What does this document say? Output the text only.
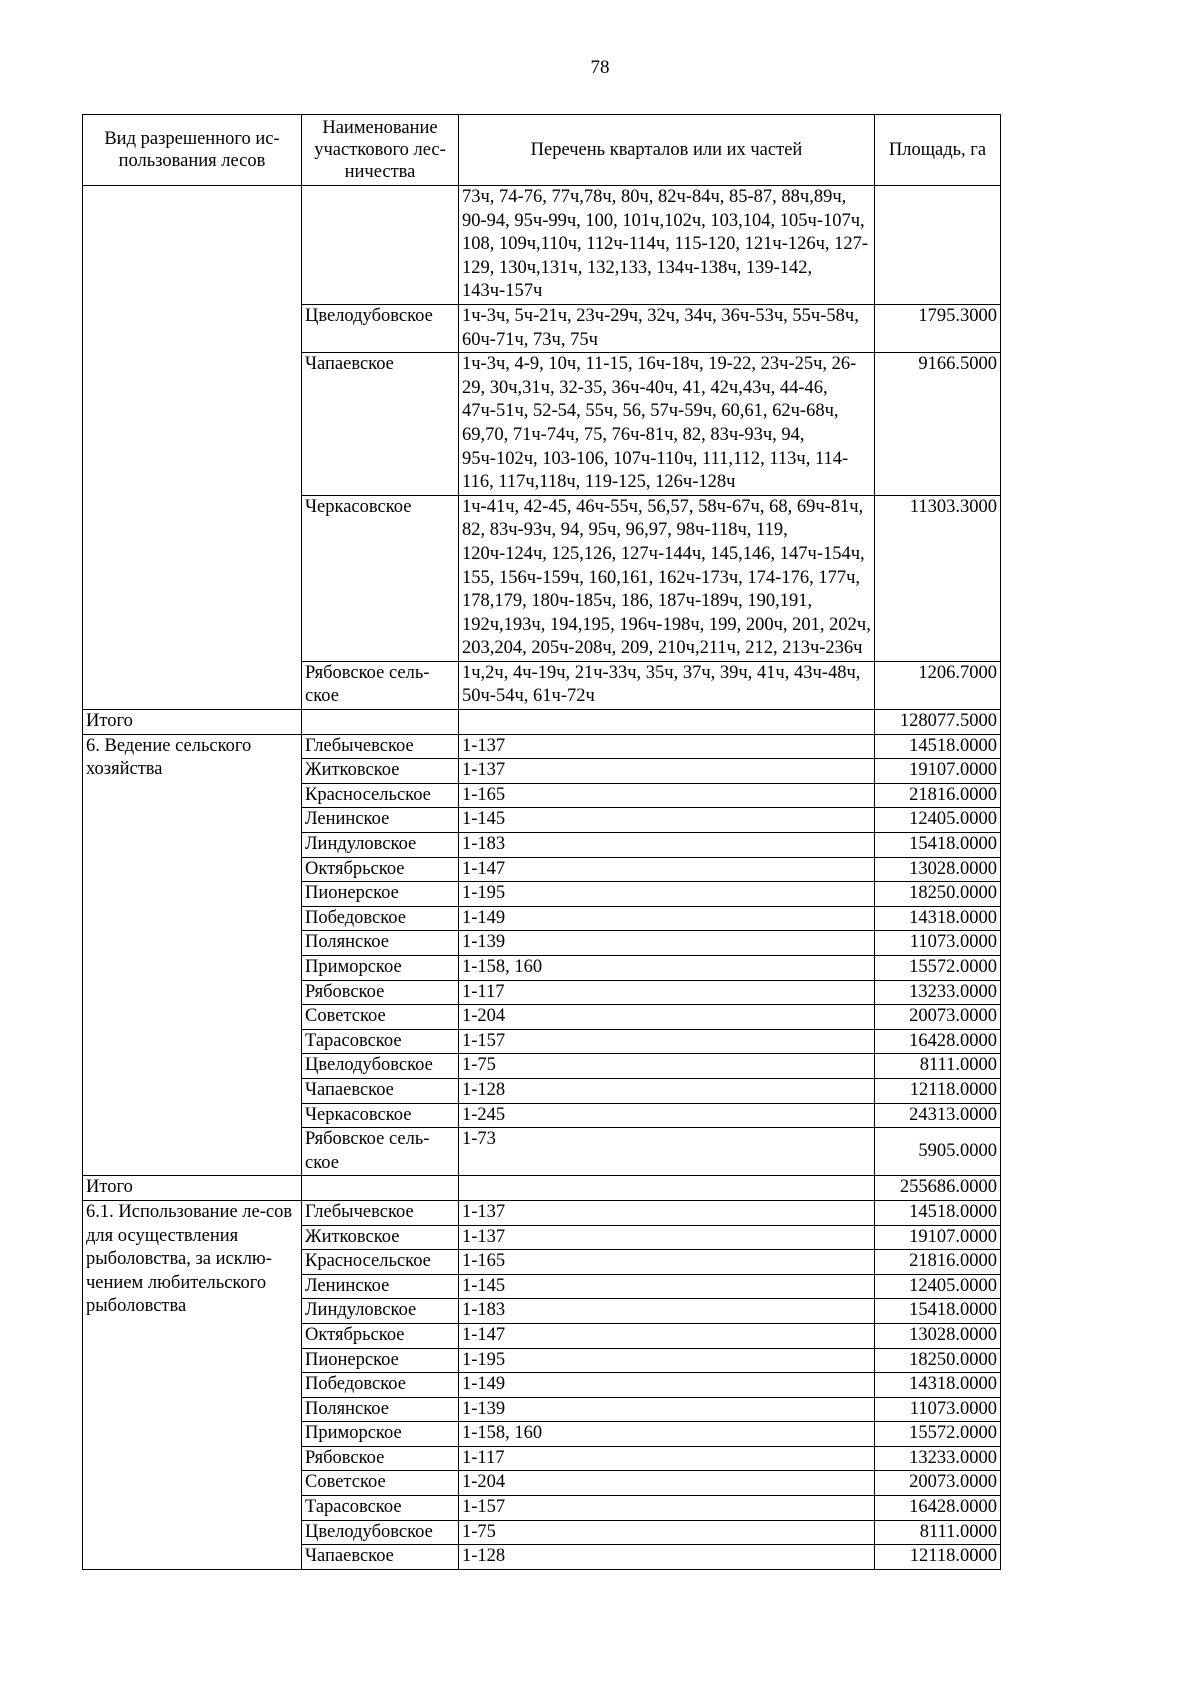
78
Вид разрешенного ис-пользования лесов	Наименование участкового лес-ничества	Перечень кварталов или их частей	Площадь, га
		73ч, 74-76, 77ч,78ч, 80ч, 82ч-84ч, 85-87, 88ч,89ч, 90-94, 95ч-99ч, 100, 101ч,102ч, 103,104, 105ч-107ч, 108, 109ч,110ч, 112ч-114ч, 115-120, 121ч-126ч, 127-129, 130ч,131ч, 132,133, 134ч-138ч, 139-142, 143ч-157ч	
	Цвелодубовское	1ч-3ч, 5ч-21ч, 23ч-29ч, 32ч, 34ч, 36ч-53ч, 55ч-58ч, 60ч-71ч, 73ч, 75ч	1795.3000
	Чапаевское	1ч-3ч, 4-9, 10ч, 11-15, 16ч-18ч, 19-22, 23ч-25ч, 26-29, 30ч,31ч, 32-35, 36ч-40ч, 41, 42ч,43ч, 44-46, 47ч-51ч, 52-54, 55ч, 56, 57ч-59ч, 60,61, 62ч-68ч, 69,70, 71ч-74ч, 75, 76ч-81ч, 82, 83ч-93ч, 94, 95ч-102ч, 103-106, 107ч-110ч, 111,112, 113ч, 114-116, 117ч,118ч, 119-125, 126ч-128ч	9166.5000
	Черкасовское	1ч-41ч, 42-45, 46ч-55ч, 56,57, 58ч-67ч, 68, 69ч-81ч, 82, 83ч-93ч, 94, 95ч, 96,97, 98ч-118ч, 119, 120ч-124ч, 125,126, 127ч-144ч, 145,146, 147ч-154ч, 155, 156ч-159ч, 160,161, 162ч-173ч, 174-176, 177ч, 178,179, 180ч-185ч, 186, 187ч-189ч, 190,191, 192ч,193ч, 194,195, 196ч-198ч, 199, 200ч, 201, 202ч, 203,204, 205ч-208ч, 209, 210ч,211ч, 212, 213ч-236ч	11303.3000
	Рябовское сель-ское	1ч,2ч, 4ч-19ч, 21ч-33ч, 35ч, 37ч, 39ч, 41ч, 43ч-48ч, 50ч-54ч, 61ч-72ч	1206.7000
Итого			128077.5000
6. Ведение сельского хозяйства	Глебычевское	1-137	14518.0000
	Житковское	1-137	19107.0000
	Красносельское	1-165	21816.0000
	Ленинское	1-145	12405.0000
	Линдуловское	1-183	15418.0000
	Октябрьское	1-147	13028.0000
	Пионерское	1-195	18250.0000
	Победовское	1-149	14318.0000
	Полянское	1-139	11073.0000
	Приморское	1-158, 160	15572.0000
	Рябовское	1-117	13233.0000
	Советское	1-204	20073.0000
	Тарасовское	1-157	16428.0000
	Цвелодубовское	1-75	8111.0000
	Чапаевское	1-128	12118.0000
	Черкасовское	1-245	24313.0000
	Рябовское сель-ское	1-73	5905.0000
Итого			255686.0000
6.1. Использование ле-сов для осуществления рыболовства, за исклю-чением любительского рыболовства	Глебычевское	1-137	14518.0000
	Житковское	1-137	19107.0000
	Красносельское	1-165	21816.0000
	Ленинское	1-145	12405.0000
	Линдуловское	1-183	15418.0000
	Октябрьское	1-147	13028.0000
	Пионерское	1-195	18250.0000
	Победовское	1-149	14318.0000
	Полянское	1-139	11073.0000
	Приморское	1-158, 160	15572.0000
	Рябовское	1-117	13233.0000
	Советское	1-204	20073.0000
	Тарасовское	1-157	16428.0000
	Цвелодубовское	1-75	8111.0000
	Чапаевское	1-128	12118.0000
